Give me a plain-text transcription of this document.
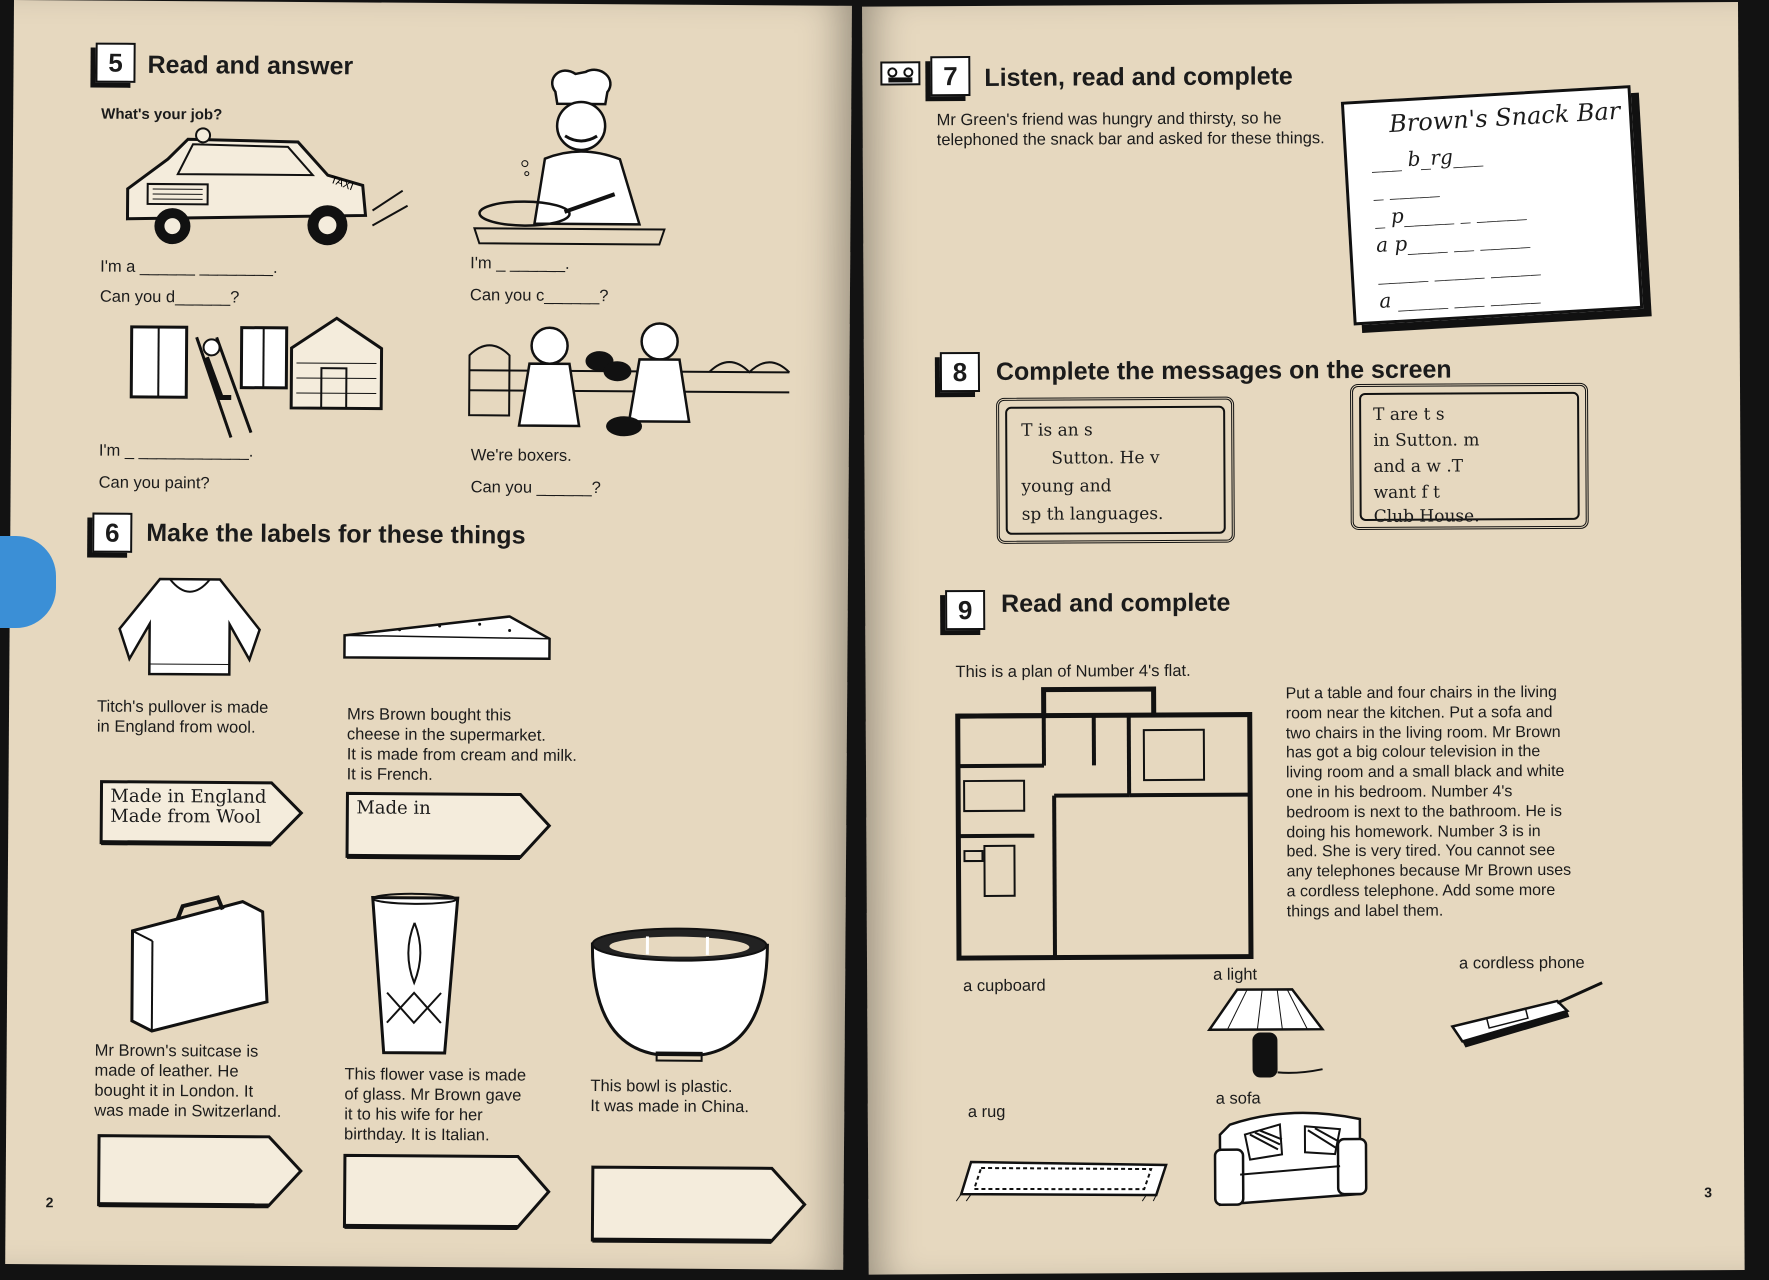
5 Read and answer
What's your job?
TAXI
I'm a ______ ________.
Can you d______?
I'm _ ______.
Can you c______?
I'm _ ____________.
Can you paint?
We're boxers.
Can you ______?
6	Make the labels for these things
Titch's pullover is made
in England from wool.
Mrs Brown bought this
cheese in the supermarket.
It is made from cream and milk.
It is French.
Made in England
Made from Wool	Made in
Mr Brown's suitcase is
made of leather. He
bought it in London. It
was made in Switzerland.
This flower vase is made
of glass. Mr Brown gave
it to his wife for her
birthday. It is Italian.
This bowl is plastic.
It was made in China.
2
7	Listen, read and complete
Mr Green's friend was hungry and thirsty, so he
telephoned the snack bar and asked for these things.
Brown's Snack Bar
___ b_rg___
_ _____
_ p_____ _ _____
a p____ __ _____
_____ _____ _____
a _____ ___ _____
8	Complete the messages on the screen
T is an s
Sutton. He v
young and
sp th languages.
T are t s
in Sutton. m
and a w .T
want f t
Club House.
9	Read and complete
This is a plan of Number 4's flat.
Put a table and four chairs in the living
room near the kitchen. Put a sofa and
two chairs in the living room. Mr Brown
has got a big colour television in the
living room and a small black and white
one in his bedroom. Number 4's
bedroom is next to the bathroom. He is
doing his homework. Number 3 is in
bed. She is very tired. You cannot see
any telephones because Mr Brown uses
a cordless telephone. Add some more
things and label them.
a cupboard
a light
a cordless phone
a rug
a sofa
3
